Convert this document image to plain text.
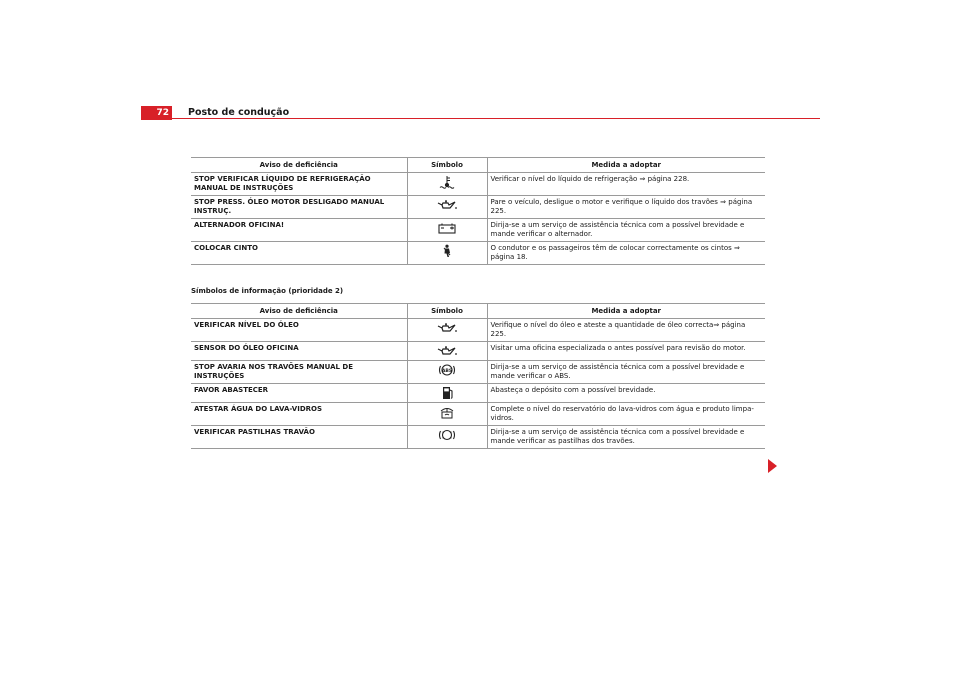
72	Posto de condução
Aviso de deficiência	Símbolo	Medida a adoptar
STOP VERIFICAR LÍQUIDO DE REFRIGERAÇÃO MANUAL DE INSTRUÇÕES		Verificar o nível do líquido de refrigeração ⇒ página 228.
STOP PRESS. ÓLEO MOTOR DESLIGADO MANUAL INSTRUÇ.		Pare o veículo, desligue o motor e verifique o líquido dos travões ⇒ página 225.
ALTERNADOR OFICINA!		Dirija-se a um serviço de assistência técnica com a possível brevidade e mande verificar o alternador.
COLOCAR CINTO		O condutor e os passageiros têm de colocar correctamente os cintos ⇒ página 18.
Símbolos de informação (prioridade 2)
Aviso de deficiência	Símbolo	Medida a adoptar
VERIFICAR NÍVEL DO ÓLEO		Verifique o nível do óleo e ateste a quantidade de óleo correcta⇒ página 225.
SENSOR DO ÓLEO OFICINA		Visitar uma oficina especializada o antes possível para revisão do motor.
STOP AVARIA NOS TRAVÕES MANUAL DE INSTRUÇÕES	ABS	Dirija-se a um serviço de assistência técnica com a possível brevidade e mande verificar o ABS.
FAVOR ABASTECER		Abasteça o depósito com a possível brevidade.
ATESTAR ÁGUA DO LAVA-VIDROS		Complete o nível do reservatório do lava-vidros com água e produto limpa-vidros.
VERIFICAR PASTILHAS TRAVÃO		Dirija-se a um serviço de assistência técnica com a possível brevidade e mande verificar as pastilhas dos travões.
